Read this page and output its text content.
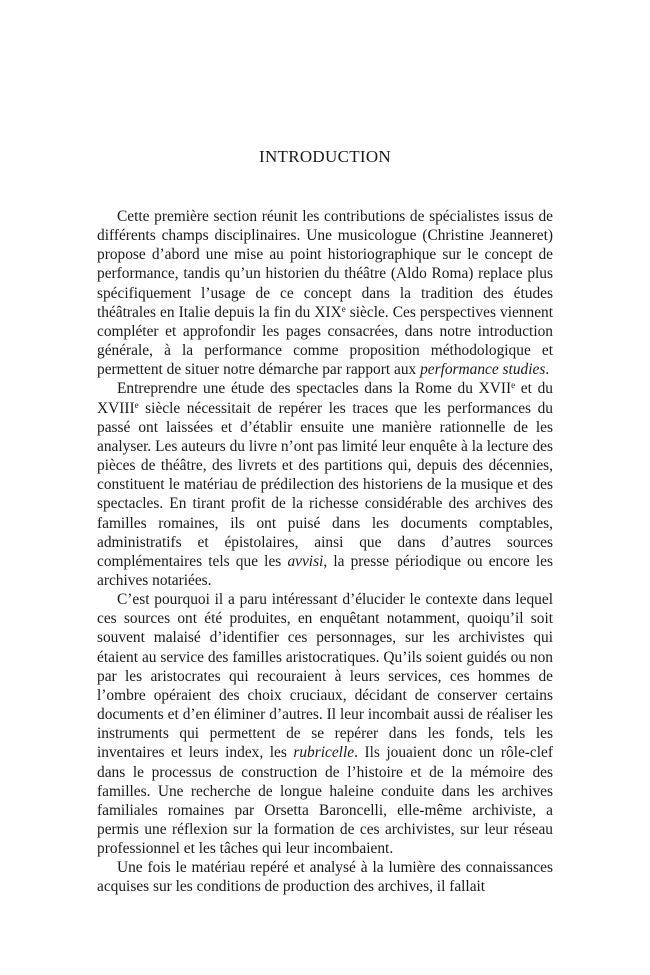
INTRODUCTION

Cette première section réunit les contributions de spécialistes issus de différents champs disciplinaires. Une musicologue (Christine Jeanneret) propose d’abord une mise au point historiographique sur le concept de performance, tandis qu’un historien du théâtre (Aldo Roma) replace plus spécifiquement l’usage de ce concept dans la tradition des études théâtrales en Italie depuis la fin du XIXe siècle. Ces perspectives viennent compléter et approfondir les pages consacrées, dans notre introduction générale, à la performance comme proposition méthodologique et permettent de situer notre démarche par rapport aux performance studies.

Entreprendre une étude des spectacles dans la Rome du XVIIe et du XVIIIe siècle nécessitait de repérer les traces que les performances du passé ont laissées et d’établir ensuite une manière rationnelle de les analyser. Les auteurs du livre n’ont pas limité leur enquête à la lecture des pièces de théâtre, des livrets et des partitions qui, depuis des décennies, constituent le matériau de prédilection des historiens de la musique et des spectacles. En tirant profit de la richesse considérable des archives des familles romaines, ils ont puisé dans les documents comptables, administratifs et épistolaires, ainsi que dans d’autres sources complémentaires tels que les avvisi, la presse périodique ou encore les archives notariées.

C’est pourquoi il a paru intéressant d’élucider le contexte dans lequel ces sources ont été produites, en enquêtant notamment, quoiqu’il soit souvent malaisé d’identifier ces personnages, sur les archivistes qui étaient au service des familles aristocratiques. Qu’ils soient guidés ou non par les aristocrates qui recouraient à leurs services, ces hommes de l’ombre opéraient des choix cruciaux, décidant de conserver certains documents et d’en éliminer d’autres. Il leur incombait aussi de réaliser les instruments qui permettent de se repérer dans les fonds, tels les inventaires et leurs index, les rubricelle. Ils jouaient donc un rôle-clef dans le processus de construction de l’histoire et de la mémoire des familles. Une recherche de longue haleine conduite dans les archives familiales romaines par Orsetta Baroncelli, elle-même archiviste, a permis une réflexion sur la formation de ces archivistes, sur leur réseau professionnel et les tâches qui leur incombaient.

Une fois le matériau repéré et analysé à la lumière des connaissances acquises sur les conditions de production des archives, il fallait
